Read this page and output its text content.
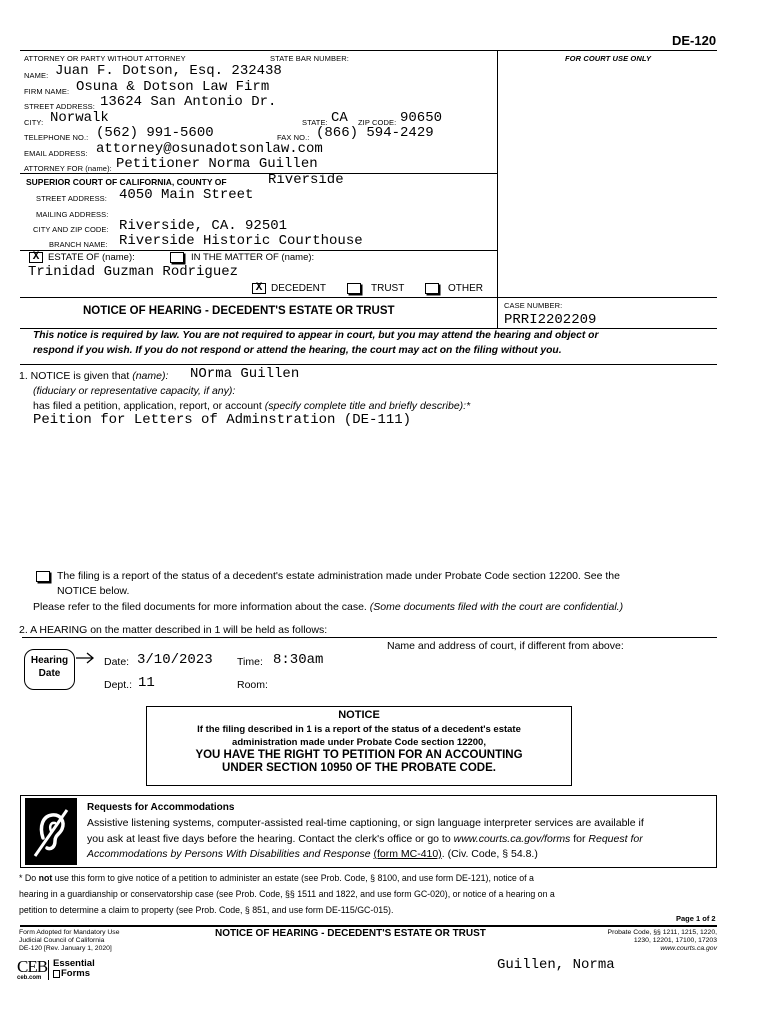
DE-120
ATTORNEY OR PARTY WITHOUT ATTORNEY	STATE BAR NUMBER:	FOR COURT USE ONLY
NAME: Juan F. Dotson, Esq. 232438
FIRM NAME: Osuna & Dotson Law Firm
STREET ADDRESS: 13624 San Antonio Dr.
CITY: Norwalk	STATE: CA ZIP CODE: 90650
TELEPHONE NO.: (562) 991-5600	FAX NO.: (866) 594-2429
EMAIL ADDRESS: attorney@osunadotsonlaw.com
ATTORNEY FOR (name): Petitioner Norma Guillen
SUPERIOR COURT OF CALIFORNIA, COUNTY OF	Riverside
STREET ADDRESS: 4050 Main Street
MAILING ADDRESS:
CITY AND ZIP CODE: Riverside, CA. 92501
BRANCH NAME: Riverside Historic Courthouse
X ESTATE OF (name):	IN THE MATTER OF (name):
Trinidad Guzman Rodriguez
X DECEDENT	TRUST	OTHER
NOTICE OF HEARING - DECEDENT'S ESTATE OR TRUST	CASE NUMBER:
PRRI2202209
This notice is required by law. You are not required to appear in court, but you may attend the hearing and object or
respond if you wish. If you do not respond or attend the hearing, the court may act on the filing without you.
1. NOTICE is given that (name): NOrma Guillen
(fiduciary or representative capacity, if any):
has filed a petition, application, report, or account (specify complete title and briefly describe):*
Peition for Letters of Adminstration (DE-111)
The filing is a report of the status of a decedent's estate administration made under Probate Code section 12200. See the
NOTICE below.
Please refer to the filed documents for more information about the case. (Some documents filed with the court are confidential.)
2. A HEARING on the matter described in 1 will be held as follows:
Name and address of court, if different from above:
Hearing
Date
Date: 3/10/2023 Time: 8:30am
Dept.: 11	Room:
NOTICE
If the filing described in 1 is a report of the status of a decedent's estate
administration made under Probate Code section 12200,
YOU HAVE THE RIGHT TO PETITION FOR AN ACCOUNTING
UNDER SECTION 10950 OF THE PROBATE CODE.
Requests for Accommodations
Assistive listening systems, computer-assisted real-time captioning, or sign language interpreter services are available if
you ask at least five days before the hearing. Contact the clerk's office or go to www.courts.ca.gov/forms for Request for
Accommodations by Persons With Disabilities and Response (form MC-410). (Civ. Code, § 54.8.)
* Do not use this form to give notice of a petition to administer an estate (see Prob. Code, § 8100, and use form DE-121), notice of a
hearing in a guardianship or conservatorship case (see Prob. Code, §§ 1511 and 1822, and use form GC-020), or notice of a hearing on a
petition to determine a claim to property (see Prob. Code, § 851, and use form DE-115/GC-015).
Page 1 of 2
Form Adopted for Mandatory Use
Judicial Council of California
DE-120 [Rev. January 1, 2020]
NOTICE OF HEARING - DECEDENT'S ESTATE OR TRUST	Probate Code, §§ 1211, 1215, 1220,
1230, 12201, 17100, 17203
www.courts.ca.gov
Guillen, Norma
CEB
ceb.com
Essential
Forms
